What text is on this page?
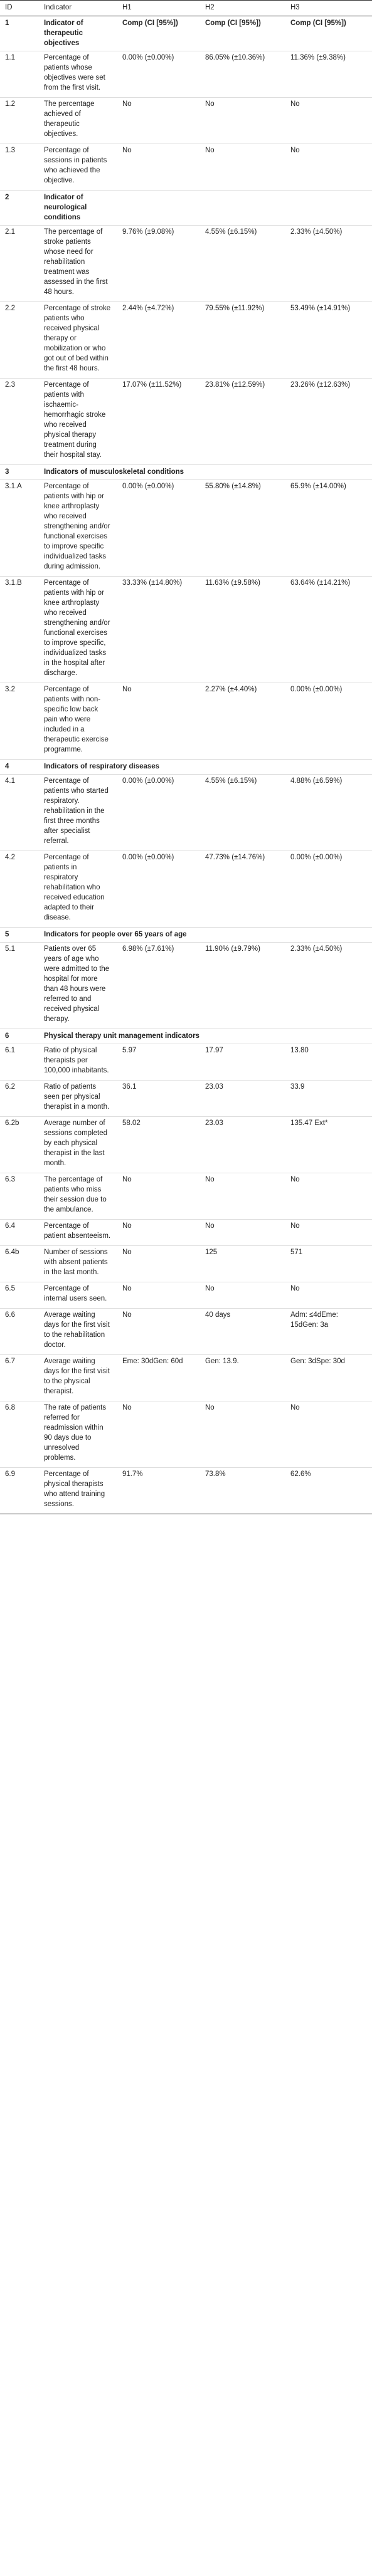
ID	Indicator	H1	H2	H3
1	Indicator of therapeutic objectives	Comp (CI [95%])	Comp (CI [95%])	Comp (CI [95%])
1.1	Percentage of patients whose objectives were set from the first visit.	0.00% (±0.00%)	86.05% (±10.36%)	11.36% (±9.38%)
1.2	The percentage achieved of therapeutic objectives.	No	No	No
1.3	Percentage of sessions in patients who achieved the objective.	No	No	No
2	Indicator of neurological conditions			
2.1	The percentage of stroke patients whose need for rehabilitation treatment was assessed in the first 48 hours.	9.76% (±9.08%)	4.55% (±6.15%)	2.33% (±4.50%)
2.2	Percentage of stroke patients who received physical therapy or mobilization or who got out of bed within the first 48 hours.	2.44% (±4.72%)	79.55% (±11.92%)	53.49% (±14.91%)
2.3	Percentage of patients with ischaemic-hemorrhagic stroke who received physical therapy treatment during their hospital stay.	17.07% (±11.52%)	23.81% (±12.59%)	23.26% (±12.63%)
3	Indicators of musculoskeletal conditions			
3.1.A	Percentage of patients with hip or knee arthroplasty who received strengthening and/or functional exercises to improve specific individualized tasks during admission.	0.00% (±0.00%)	55.80% (±14.8%)	65.9% (±14.00%)
3.1.B	Percentage of patients with hip or knee arthroplasty who received strengthening and/or functional exercises to improve specific, individualized tasks in the hospital after discharge.	33.33% (±14.80%)	11.63% (±9.58%)	63.64% (±14.21%)
3.2	Percentage of patients with non-specific low back pain who were included in a therapeutic exercise programme.	No	2.27% (±4.40%)	0.00% (±0.00%)
4	Indicators of respiratory diseases			
4.1	Percentage of patients who started respiratory. rehabilitation in the first three months after specialist referral.	0.00% (±0.00%)	4.55% (±6.15%)	4.88% (±6.59%)
4.2	Percentage of patients in respiratory rehabilitation who received education adapted to their disease.	0.00% (±0.00%)	47.73% (±14.76%)	0.00% (±0.00%)
5	Indicators for people over 65 years of age			
5.1	Patients over 65 years of age who were admitted to the hospital for more than 48 hours were referred to and received physical therapy.	6.98% (±7.61%)	11.90% (±9.79%)	2.33% (±4.50%)
6	Physical therapy unit management indicators			
6.1	Ratio of physical therapists per 100,000 inhabitants.	5.97	17.97	13.80
6.2	Ratio of patients seen per physical therapist in a month.	36.1	23.03	33.9
6.2b	Average number of sessions completed by each physical therapist in the last month.	58.02	23.03	135.47 Ext*
6.3	The percentage of patients who miss their session due to the ambulance.	No	No	No
6.4	Percentage of patient absenteeism.	No	No	No
6.4b	Number of sessions with absent patients in the last month.	No	125	571
6.5	Percentage of internal users seen.	No	No	No
6.6	Average waiting days for the first visit to the rehabilitation doctor.	No	40 days	Adm: ≤4dEme: 15dGen: 3a
6.7	Average waiting days for the first visit to the physical therapist.	Eme: 30dGen: 60d	Gen: 13.9.	Gen: 3dSpe: 30d
6.8	The rate of patients referred for readmission within 90 days due to unresolved problems.	No	No	No
6.9	Percentage of physical therapists who attend training sessions.	91.7%	73.8%	62.6%
